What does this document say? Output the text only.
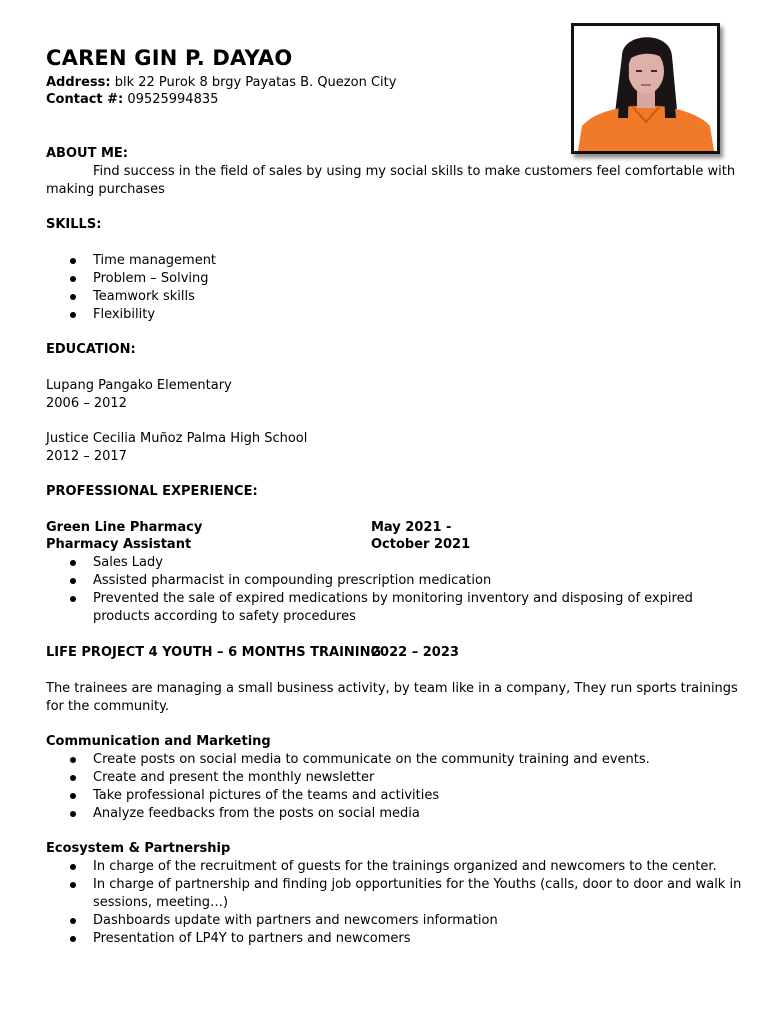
CAREN GIN P. DAYAO
Address: blk 22 Purok 8 brgy Payatas B. Quezon City
Contact #: 09525994835
ABOUT ME:
Find success in the field of sales by using my social skills to make customers feel comfortable with
making purchases
SKILLS:
Time management
Problem – Solving
Teamwork skills
Flexibility
EDUCATION:
Lupang Pangako Elementary
2006 – 2012
Justice Cecilia Muñoz Palma High School
2012 – 2017
PROFESSIONAL EXPERIENCE:
Green Line Pharmacy
Pharmacy Assistant
May 2021 -
October 2021
Sales Lady
Assisted pharmacist in compounding prescription medication
Prevented the sale of expired medications by monitoring inventory and disposing of expired
products according to safety procedures
LIFE PROJECT 4 YOUTH – 6 MONTHS TRAINING
2022 – 2023
The trainees are managing a small business activity, by team like in a company, They run sports trainings
for the community.
Communication and Marketing
Create posts on social media to communicate on the community training and events.
Create and present the monthly newsletter
Take professional pictures of the teams and activities
Analyze feedbacks from the posts on social media
Ecosystem & Partnership
In charge of the recruitment of guests for the trainings organized and newcomers to the center.
In charge of partnership and finding job opportunities for the Youths (calls, door to door and walk in
sessions, meeting…)
Dashboards update with partners and newcomers information
Presentation of LP4Y to partners and newcomers
